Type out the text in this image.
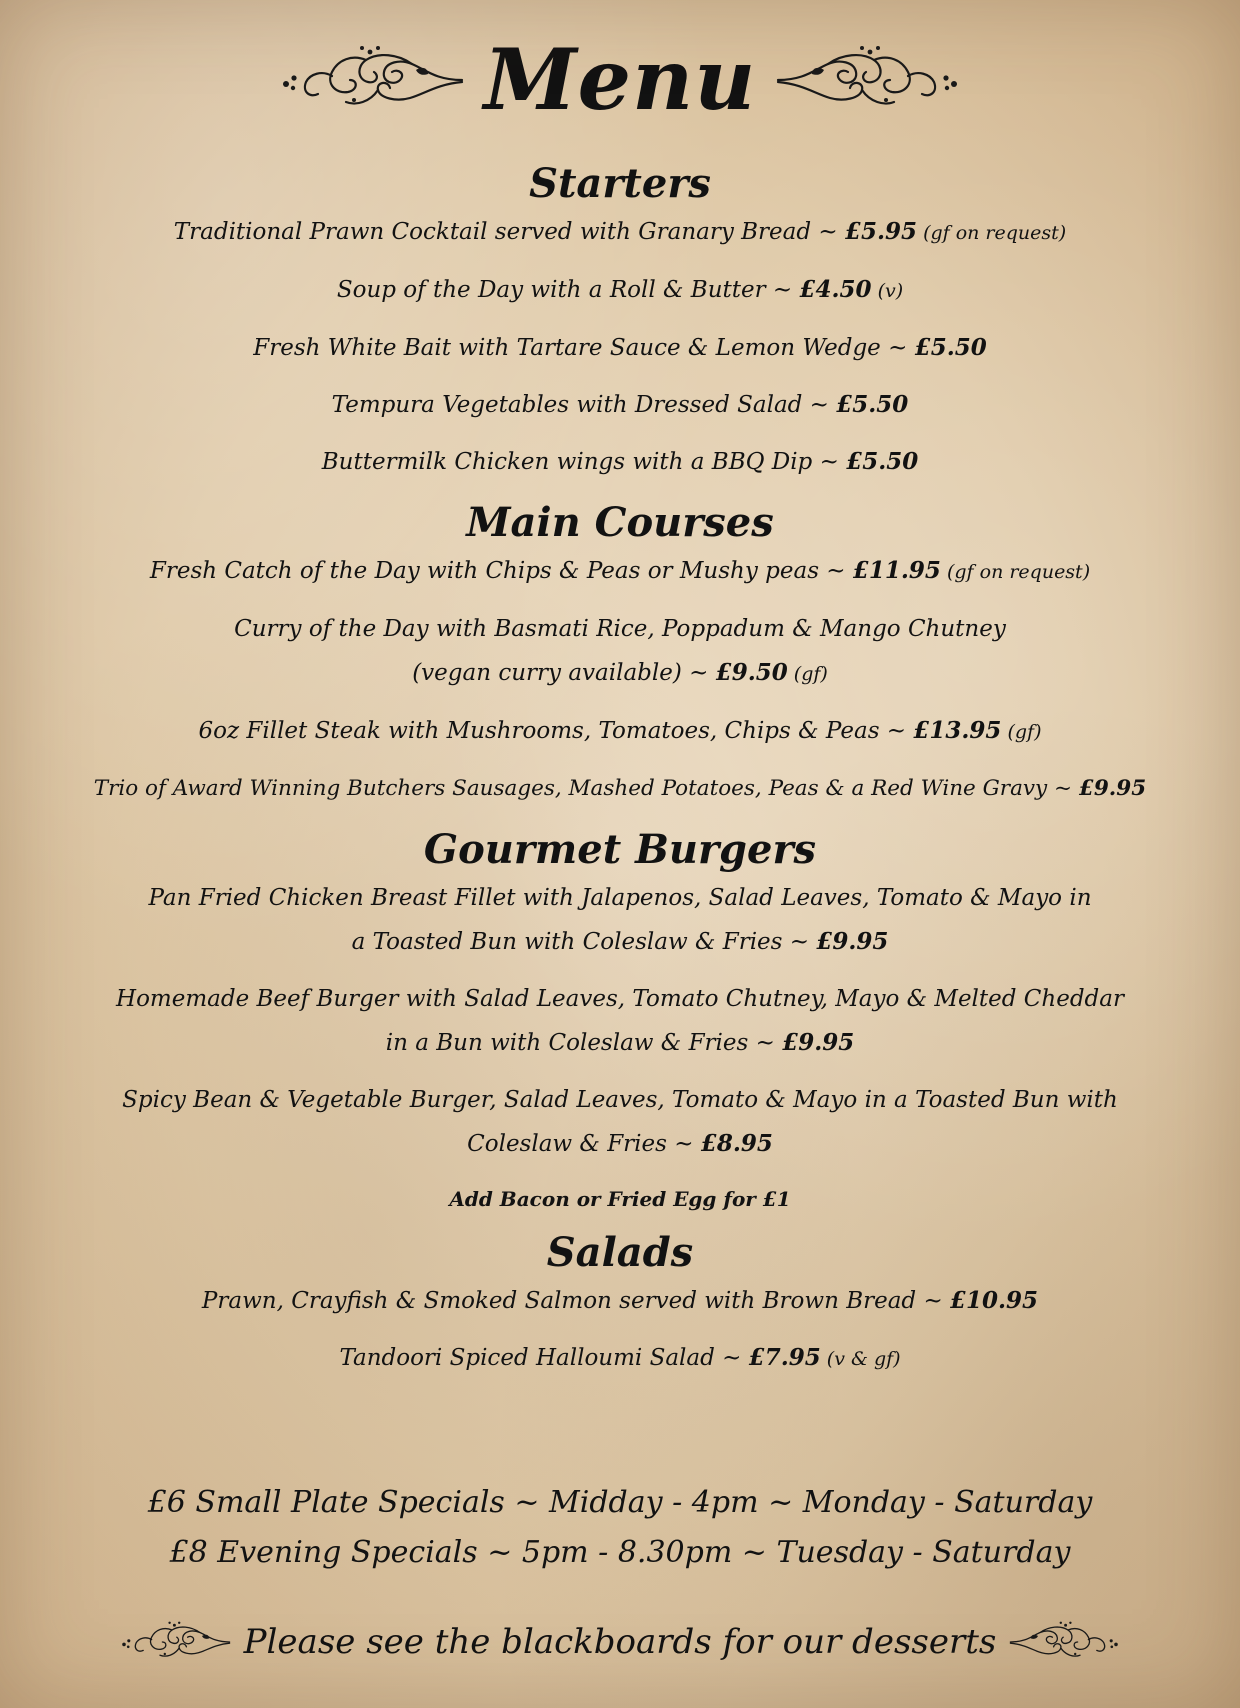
Menu
Starters

Traditional Prawn Cocktail served with Granary Bread ~ £5.95 (gf on request)

Soup of the Day with a Roll & Butter ~ £4.50 (v)

Fresh White Bait with Tartare Sauce & Lemon Wedge ~ £5.50

Tempura Vegetables with Dressed Salad ~ £5.50

Buttermilk Chicken wings with a BBQ Dip ~ £5.50

Main Courses

Fresh Catch of the Day with Chips & Peas or Mushy peas ~ £11.95 (gf on request)

Curry of the Day with Basmati Rice, Poppadum & Mango Chutney
(vegan curry available) ~ £9.50 (gf)

6oz Fillet Steak with Mushrooms, Tomatoes, Chips & Peas ~ £13.95 (gf)

Trio of Award Winning Butchers Sausages, Mashed Potatoes, Peas & a Red Wine Gravy ~ £9.95

Gourmet Burgers

Pan Fried Chicken Breast Fillet with Jalapenos, Salad Leaves, Tomato & Mayo in
a Toasted Bun with Coleslaw & Fries ~ £9.95

Homemade Beef Burger with Salad Leaves, Tomato Chutney, Mayo & Melted Cheddar
in a Bun with Coleslaw & Fries ~ £9.95

Spicy Bean & Vegetable Burger, Salad Leaves, Tomato & Mayo in a Toasted Bun with
Coleslaw & Fries ~ £8.95

Add Bacon or Fried Egg for £1

Salads

Prawn, Crayfish & Smoked Salmon served with Brown Bread ~ £10.95

Tandoori Spiced Halloumi Salad ~ £7.95 (v & gf)

£6 Small Plate Specials ~ Midday - 4pm ~ Monday - Saturday
£8 Evening Specials ~ 5pm - 8.30pm ~ Tuesday - Saturday
Please see the blackboards for our desserts
